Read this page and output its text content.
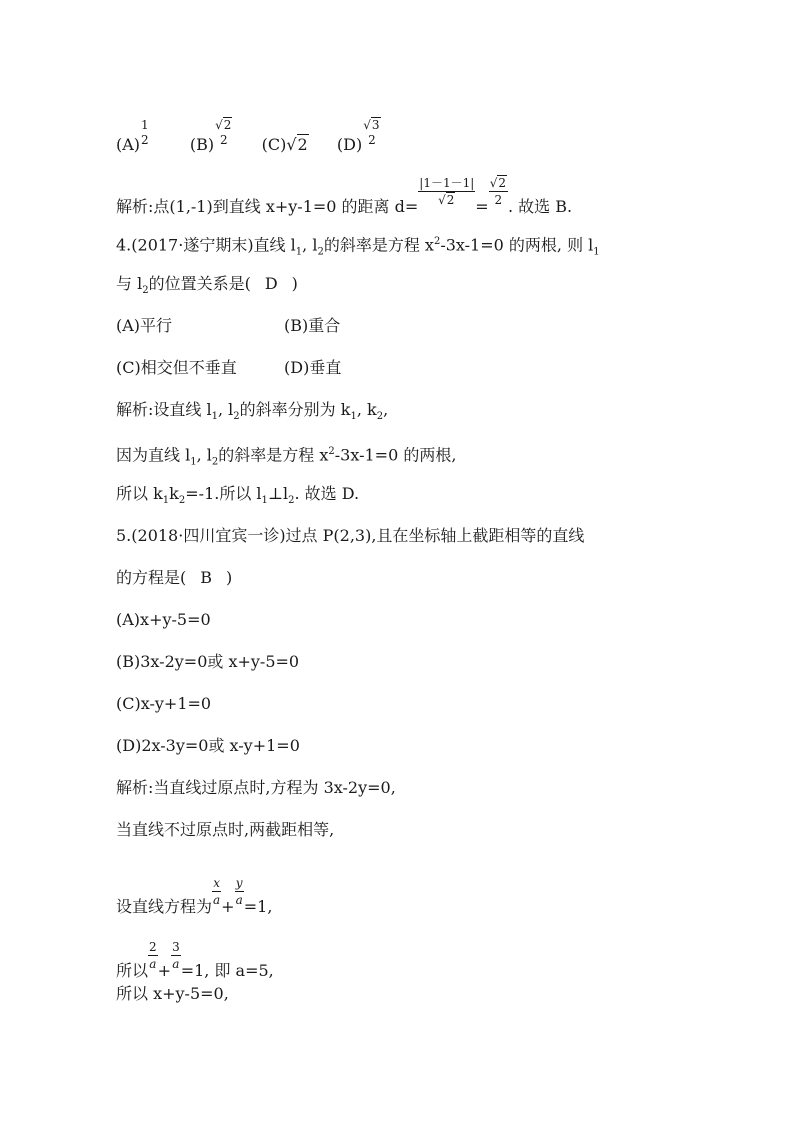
(A)
1
2	(B)
√2
2	(C)√2 (D)
√3
2
解析:点(1,-1)到直线 x+y-1=0 的距离 $d= \frac{|1-1-1|}{√2} = \frac{√2}{2}$ . 故选 B.
4.(2017·遂宁期末)直线 $l_1$, $l_2$的斜率是方程 $x^2-3x-1=0$ 的两根, 则 $l_1$
与 $l_2$的位置关系是( D )
(A)平行	(B)重合
(C)相交但不垂直	(D)垂直
解析:设直线 $l_1$, $l_2$的斜率分别为 $k_1$, $k_2$,
因为直线 $l_1$, $l_2$的斜率是方程 $x^2-3x-1=0$ 的两根,
所以 $k_1k_2=-1$.所以 $l_1\perp l_2$. 故选 D.
5.(2018·四川宜宾一诊)过点 P(2,3),且在坐标轴上截距相等的直线
的方程是( B )
(A)x+y-5=0
(B)3x-2y=0或 x+y-5=0
(C)x-y+1=0
(D)2x-3y=0或 x-y+1=0
解析:当直线过原点时,方程为 3x-2y=0,
当直线不过原点时,两截距相等,
设直线方程为 $\frac{x}{a} + \frac{y}{a} =1$,
所以 $\frac{2}{a} + \frac{3}{a} =1$, 即 a=5,
所以 x+y-5=0,
